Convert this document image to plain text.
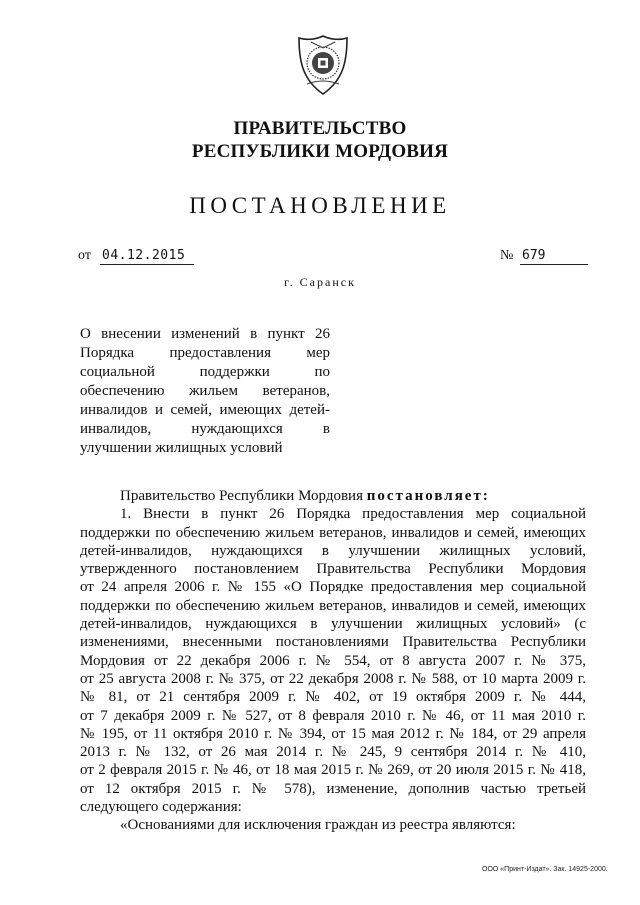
ПРАВИТЕЛЬСТВО
РЕСПУБЛИКИ МОРДОВИЯ
ПОСТАНОВЛЕНИЕ
от 04.12.2015	№ 679
г. Саранск
О внесении изменений в пункт 26
Порядка предоставления мер
социальной поддержки по
обеспечению жильем ветеранов,
инвалидов и семей, имеющих детей-
инвалидов, нуждающихся в
улучшении жилищных условий
Правительство Республики Мордовия постановляет:
1. Внести в пункт 26 Порядка предоставления мер социальной
поддержки по обеспечению жильем ветеранов, инвалидов и семей, имеющих
детей-инвалидов, нуждающихся в улучшении жилищных условий,
утвержденного постановлением Правительства Республики Мордовия
от 24 апреля 2006 г. № 155 «О Порядке предоставления мер социальной
поддержки по обеспечению жильем ветеранов, инвалидов и семей, имеющих
детей-инвалидов, нуждающихся в улучшении жилищных условий» (с
изменениями, внесенными постановлениями Правительства Республики
Мордовия от 22 декабря 2006 г. № 554, от 8 августа 2007 г. № 375,
от 25 августа 2008 г. № 375, от 22 декабря 2008 г. № 588, от 10 марта 2009 г.
№ 81, от 21 сентября 2009 г. № 402, от 19 октября 2009 г. № 444,
от 7 декабря 2009 г. № 527, от 8 февраля 2010 г. № 46, от 11 мая 2010 г.
№ 195, от 11 октября 2010 г. № 394, от 15 мая 2012 г. № 184, от 29 апреля
2013 г. № 132, от 26 мая 2014 г. № 245, 9 сентября 2014 г. № 410,
от 2 февраля 2015 г. № 46, от 18 мая 2015 г. № 269, от 20 июля 2015 г. № 418,
от 12 октября 2015 г. № 578), изменение, дополнив частью третьей
следующего содержания:
«Основаниями для исключения граждан из реестра являются:
ООО «Принт-Издат». Зак. 14925-2000.
